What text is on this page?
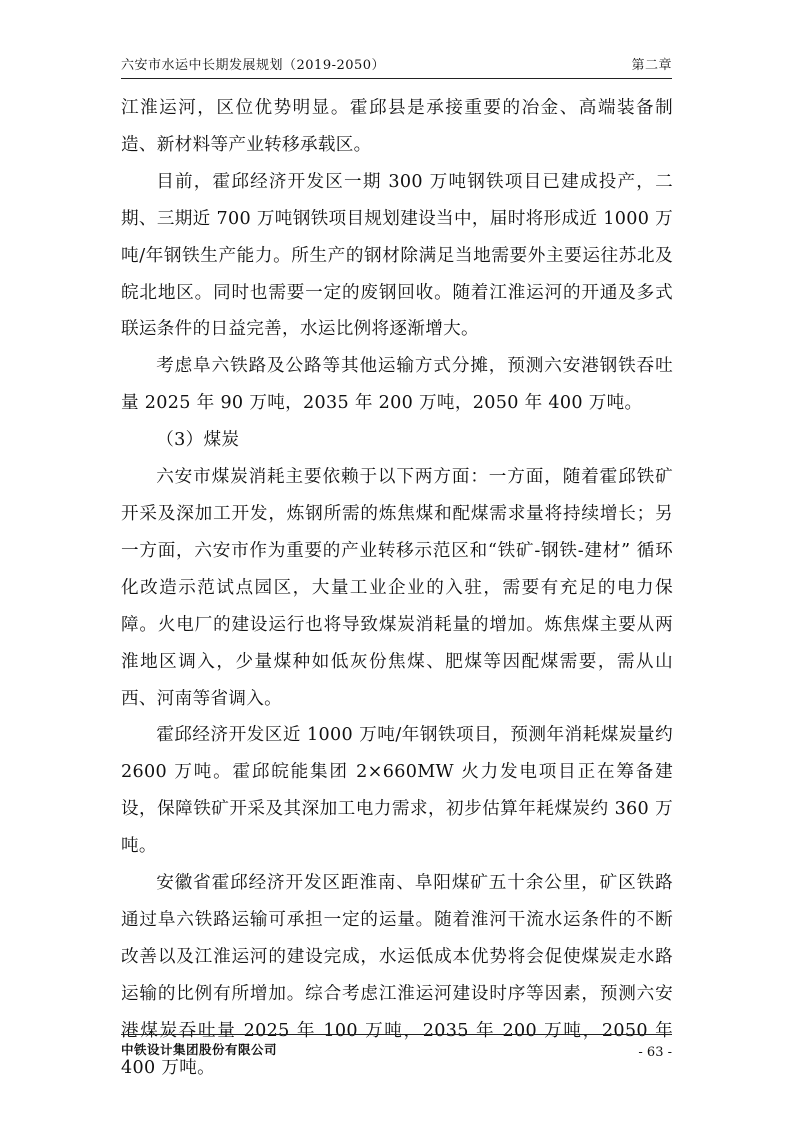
六安市水运中长期发展规划（2019-2050）	第二章

江淮运河，区位优势明显。霍邱县是承接重要的冶金、高端装备制造、新材料等产业转移承载区。

目前，霍邱经济开发区一期 300 万吨钢铁项目已建成投产，二期、三期近 700 万吨钢铁项目规划建设当中，届时将形成近 1000 万吨/年钢铁生产能力。所生产的钢材除满足当地需要外主要运往苏北及皖北地区。同时也需要一定的废钢回收。随着江淮运河的开通及多式联运条件的日益完善，水运比例将逐渐增大。

考虑阜六铁路及公路等其他运输方式分摊，预测六安港钢铁吞吐量 2025 年 90 万吨，2035 年 200 万吨，2050 年 400 万吨。

（3）煤炭

六安市煤炭消耗主要依赖于以下两方面：一方面，随着霍邱铁矿开采及深加工开发，炼钢所需的炼焦煤和配煤需求量将持续增长；另一方面，六安市作为重要的产业转移示范区和“铁矿-钢铁-建材” 循环化改造示范试点园区，大量工业企业的入驻，需要有充足的电力保障。火电厂的建设运行也将导致煤炭消耗量的增加。炼焦煤主要从两淮地区调入，少量煤种如低灰份焦煤、肥煤等因配煤需要，需从山西、河南等省调入。

霍邱经济开发区近 1000 万吨/年钢铁项目，预测年消耗煤炭量约 2600 万吨。霍邱皖能集团 2×660MW 火力发电项目正在筹备建设，保障铁矿开采及其深加工电力需求，初步估算年耗煤炭约 360 万吨。

安徽省霍邱经济开发区距淮南、阜阳煤矿五十余公里，矿区铁路通过阜六铁路运输可承担一定的运量。随着淮河干流水运条件的不断改善以及江淮运河的建设完成，水运低成本优势将会促使煤炭走水路运输的比例有所增加。综合考虑江淮运河建设时序等因素，预测六安港煤炭吞吐量 2025 年 100 万吨，2035 年 200 万吨，2050 年 400 万吨。

中铁设计集团股份有限公司	- 63 -
